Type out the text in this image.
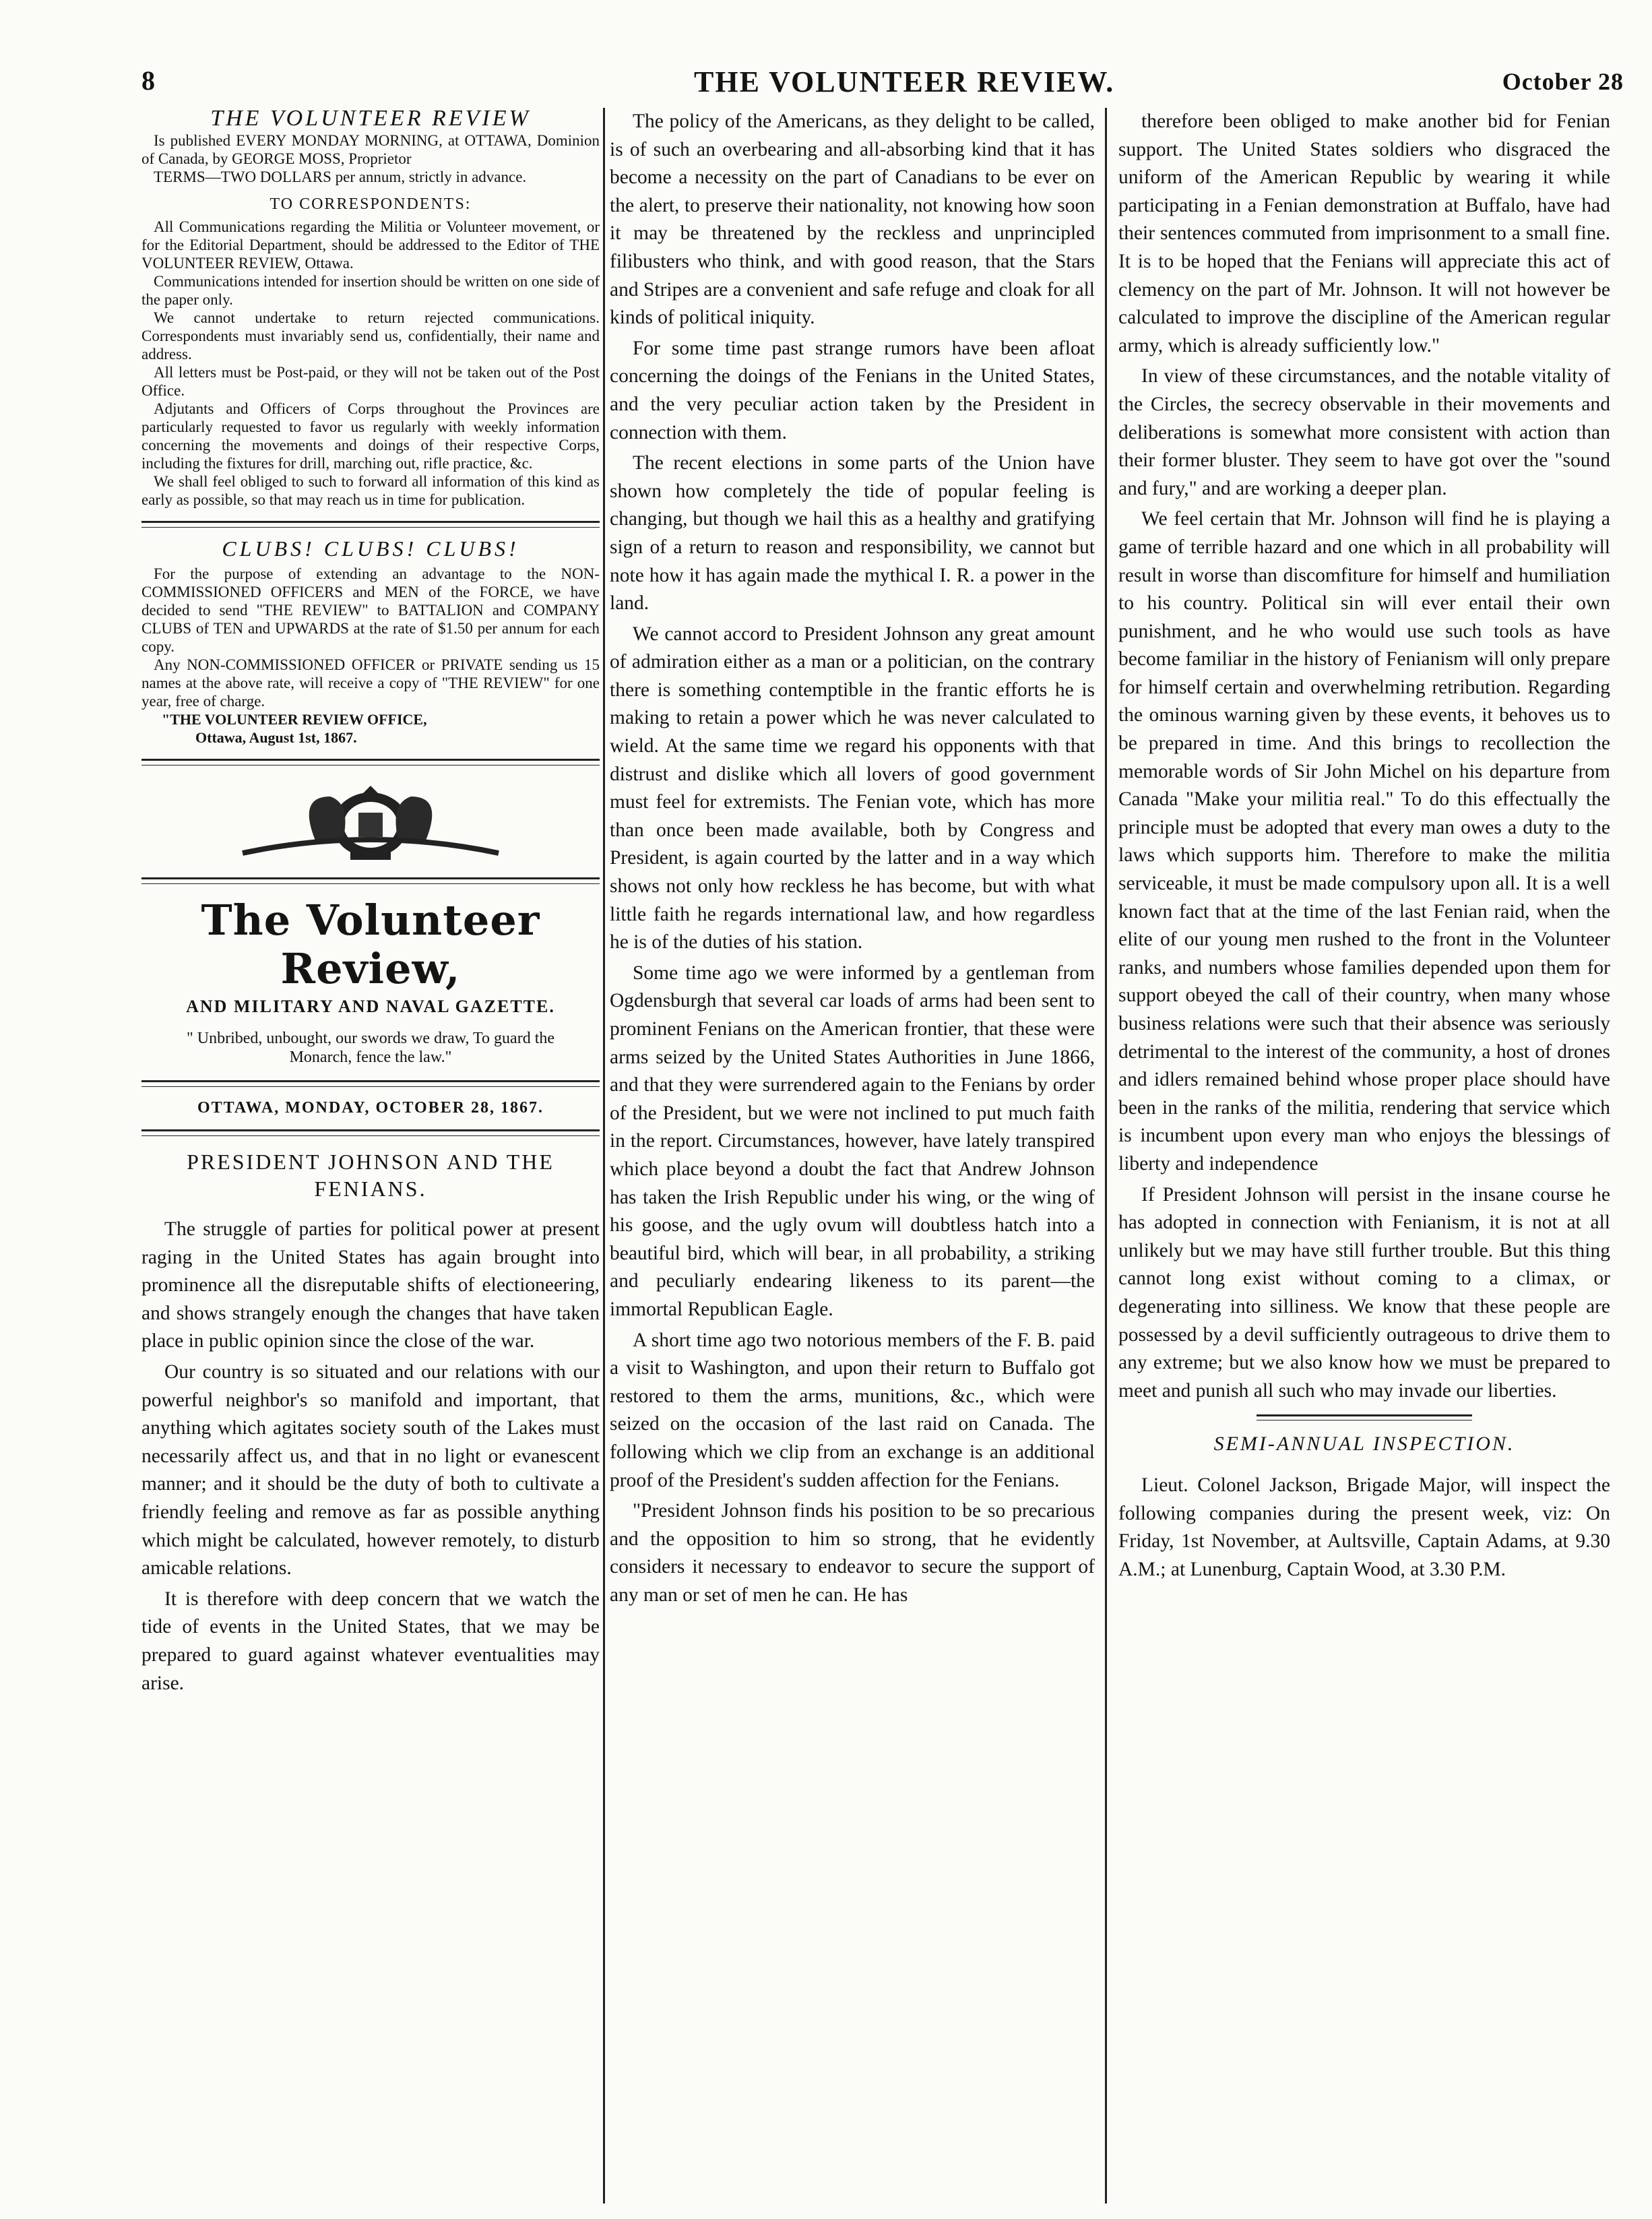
8	THE VOLUNTEER REVIEW.	October 28
THE VOLUNTEER REVIEW

Is published EVERY MONDAY MORNING, at OTTAWA, Dominion of Canada, by GEORGE MOSS, Proprietor

TERMS—TWO DOLLARS per annum, strictly in advance.

TO CORRESPONDENTS:

All Communications regarding the Militia or Volunteer movement, or for the Editorial Department, should be addressed to the Editor of THE VOLUNTEER REVIEW, Ottawa.

Communications intended for insertion should be written on one side of the paper only.

We cannot undertake to return rejected communications. Correspondents must invariably send us, confidentially, their name and address.

All letters must be Post-paid, or they will not be taken out of the Post Office.

Adjutants and Officers of Corps throughout the Provinces are particularly requested to favor us regularly with weekly information concerning the movements and doings of their respective Corps, including the fixtures for drill, marching out, rifle practice, &c.

We shall feel obliged to such to forward all information of this kind as early as possible, so that may reach us in time for publication.

CLUBS! CLUBS! CLUBS!

For the purpose of extending an advantage to the NON-COMMISSIONED OFFICERS and MEN of the FORCE, we have decided to send "THE REVIEW" to BATTALION and COMPANY CLUBS of TEN and UPWARDS at the rate of $1.50 per annum for each copy.

Any NON-COMMISSIONED OFFICER or PRIVATE sending us 15 names at the above rate, will receive a copy of "THE REVIEW" for one year, free of charge.

"THE VOLUNTEER REVIEW OFFICE,
Ottawa, August 1st, 1867.
The Volunteer Review,
AND MILITARY AND NAVAL GAZETTE.
" Unbribed, unbought, our swords we draw, To guard the Monarch, fence the law."
OTTAWA, MONDAY, OCTOBER 28, 1867.
PRESIDENT JOHNSON AND THE FENIANS.

The struggle of parties for political power at present raging in the United States has again brought into prominence all the disreputable shifts of electioneering, and shows strangely enough the changes that have taken place in public opinion since the close of the war.

Our country is so situated and our relations with our powerful neighbor's so manifold and important, that anything which agitates society south of the Lakes must necessarily affect us, and that in no light or evanescent manner; and it should be the duty of both to cultivate a friendly feeling and remove as far as possible anything which might be calculated, however remotely, to disturb amicable relations.

It is therefore with deep concern that we watch the tide of events in the United States, that we may be prepared to guard against whatever eventualities may arise.

The policy of the Americans, as they delight to be called, is of such an overbearing and all-absorbing kind that it has become a necessity on the part of Canadians to be ever on the alert, to preserve their nationality, not knowing how soon it may be threatened by the reckless and unprincipled filibusters who think, and with good reason, that the Stars and Stripes are a convenient and safe refuge and cloak for all kinds of political iniquity.

For some time past strange rumors have been afloat concerning the doings of the Fenians in the United States, and the very peculiar action taken by the President in connection with them.

The recent elections in some parts of the Union have shown how completely the tide of popular feeling is changing, but though we hail this as a healthy and gratifying sign of a return to reason and responsibility, we cannot but note how it has again made the mythical I. R. a power in the land.

We cannot accord to President Johnson any great amount of admiration either as a man or a politician, on the contrary there is something contemptible in the frantic efforts he is making to retain a power which he was never calculated to wield. At the same time we regard his opponents with that distrust and dislike which all lovers of good government must feel for extremists. The Fenian vote, which has more than once been made available, both by Congress and President, is again courted by the latter and in a way which shows not only how reckless he has become, but with what little faith he regards international law, and how regardless he is of the duties of his station.

Some time ago we were informed by a gentleman from Ogdensburgh that several car loads of arms had been sent to prominent Fenians on the American frontier, that these were arms seized by the United States Authorities in June 1866, and that they were surrendered again to the Fenians by order of the President, but we were not inclined to put much faith in the report. Circumstances, however, have lately transpired which place beyond a doubt the fact that Andrew Johnson has taken the Irish Republic under his wing, or the wing of his goose, and the ugly ovum will doubtless hatch into a beautiful bird, which will bear, in all probability, a striking and peculiarly endearing likeness to its parent—the immortal Republican Eagle.

A short time ago two notorious members of the F. B. paid a visit to Washington, and upon their return to Buffalo got restored to them the arms, munitions, &c., which were seized on the occasion of the last raid on Canada. The following which we clip from an exchange is an additional proof of the President's sudden affection for the Fenians.

"President Johnson finds his position to be so precarious and the opposition to him so strong, that he evidently considers it necessary to endeavor to secure the support of any man or set of men he can. He has

therefore been obliged to make another bid for Fenian support. The United States soldiers who disgraced the uniform of the American Republic by wearing it while participating in a Fenian demonstration at Buffalo, have had their sentences commuted from imprisonment to a small fine. It is to be hoped that the Fenians will appreciate this act of clemency on the part of Mr. Johnson. It will not however be calculated to improve the discipline of the American regular army, which is already sufficiently low."

In view of these circumstances, and the notable vitality of the Circles, the secrecy observable in their movements and deliberations is somewhat more consistent with action than their former bluster. They seem to have got over the "sound and fury," and are working a deeper plan.

We feel certain that Mr. Johnson will find he is playing a game of terrible hazard and one which in all probability will result in worse than discomfiture for himself and humiliation to his country. Political sin will ever entail their own punishment, and he who would use such tools as have become familiar in the history of Fenianism will only prepare for himself certain and overwhelming retribution. Regarding the ominous warning given by these events, it behoves us to be prepared in time. And this brings to recollection the memorable words of Sir John Michel on his departure from Canada "Make your militia real." To do this effectually the principle must be adopted that every man owes a duty to the laws which supports him. Therefore to make the militia serviceable, it must be made compulsory upon all. It is a well known fact that at the time of the last Fenian raid, when the elite of our young men rushed to the front in the Volunteer ranks, and numbers whose families depended upon them for support obeyed the call of their country, when many whose business relations were such that their absence was seriously detrimental to the interest of the community, a host of drones and idlers remained behind whose proper place should have been in the ranks of the militia, rendering that service which is incumbent upon every man who enjoys the blessings of liberty and independence

If President Johnson will persist in the insane course he has adopted in connection with Fenianism, it is not at all unlikely but we may have still further trouble. But this thing cannot long exist without coming to a climax, or degenerating into silliness. We know that these people are possessed by a devil sufficiently outrageous to drive them to any extreme; but we also know how we must be prepared to meet and punish all such who may invade our liberties.

SEMI-ANNUAL INSPECTION.

Lieut. Colonel Jackson, Brigade Major, will inspect the following companies during the present week, viz: On Friday, 1st November, at Aultsville, Captain Adams, at 9.30 A.M.; at Lunenburg, Captain Wood, at 3.30 P.M.
